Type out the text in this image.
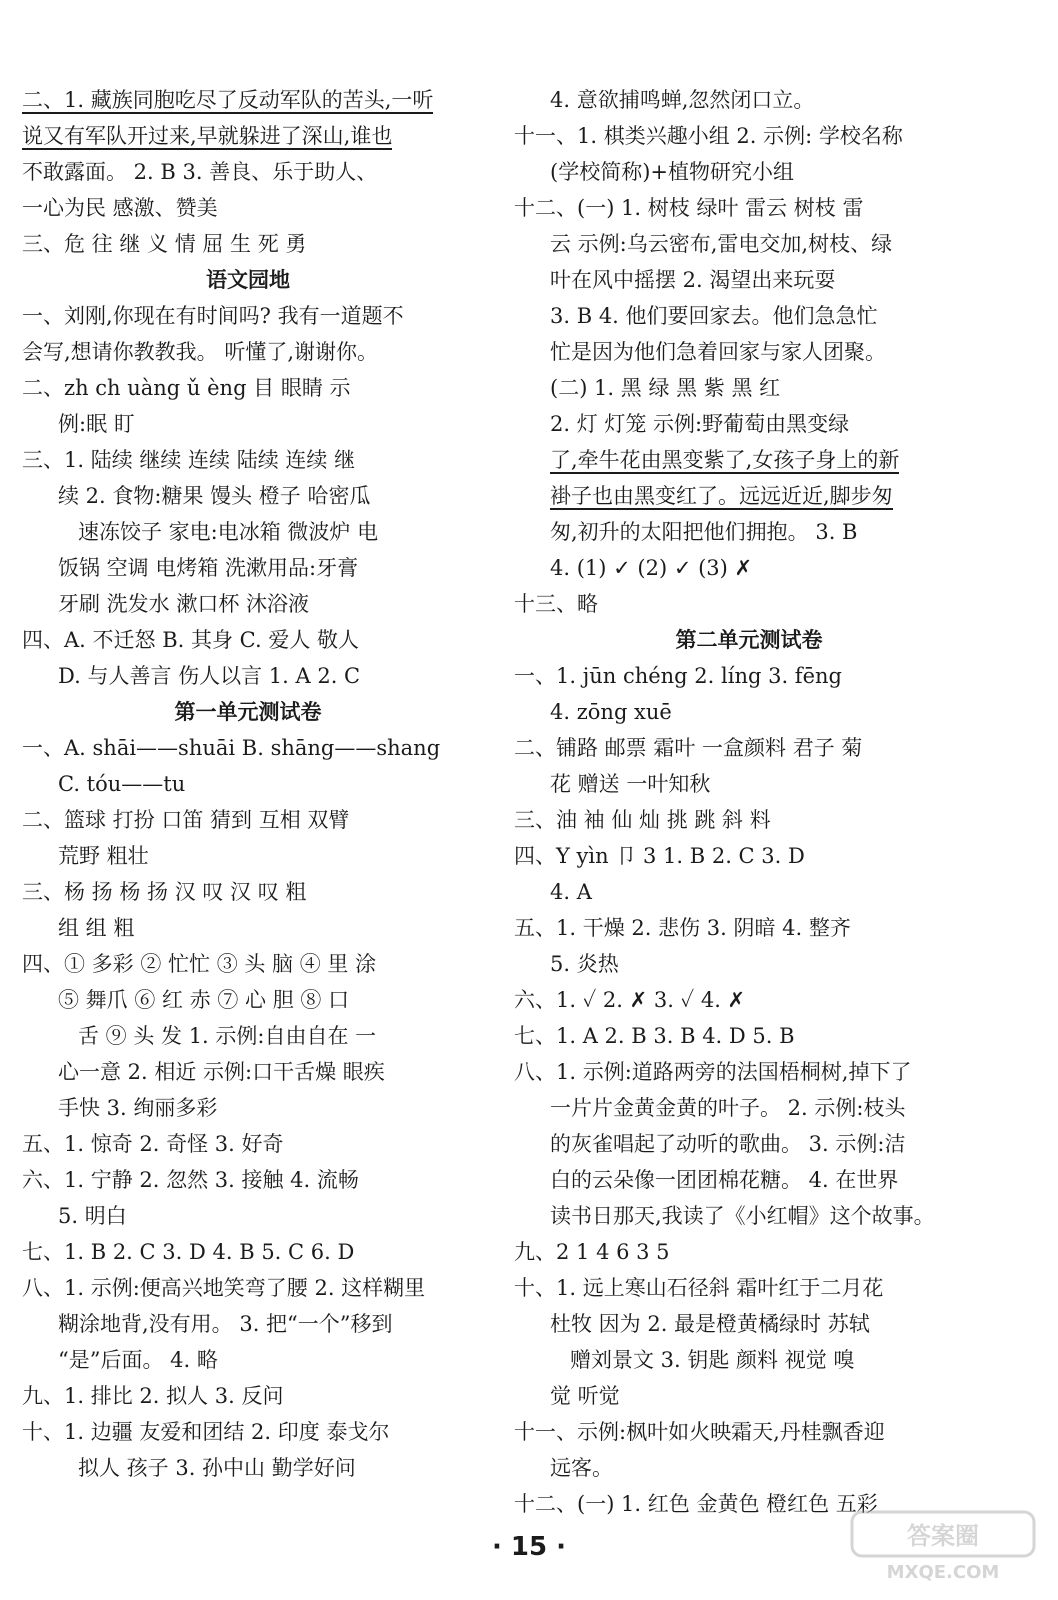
二、1. 藏族同胞吃尽了反动军队的苦头,一听
说又有军队开过来,早就躲进了深山,谁也
不敢露面。 2. B 3. 善良、乐于助人、
一心为民 感激、赞美
三、危 往 继 义 情 屈 生 死 勇
语文园地
一、刘刚,你现在有时间吗? 我有一道题不
会写,想请你教教我。 听懂了,谢谢你。
二、zh ch uàng ǔ èng 目 眼睛 示
例:眠 盯
三、1. 陆续 继续 连续 陆续 连续 继
续 2. 食物:糖果 馒头 橙子 哈密瓜
速冻饺子 家电:电冰箱 微波炉 电
饭锅 空调 电烤箱 洗漱用品:牙膏
牙刷 洗发水 漱口杯 沐浴液
四、A. 不迁怒 B. 其身 C. 爱人 敬人
D. 与人善言 伤人以言 1. A 2. C
第一单元测试卷
一、A. shāi——shuāi B. shāng——shang
C. tóu——tu
二、篮球 打扮 口笛 猜到 互相 双臂
荒野 粗壮
三、杨 扬 杨 扬 汉 叹 汉 叹 粗
组 组 粗
四、① 多彩 ② 忙忙 ③ 头 脑 ④ 里 涂
⑤ 舞爪 ⑥ 红 赤 ⑦ 心 胆 ⑧ 口
舌 ⑨ 头 发 1. 示例:自由自在 一
心一意 2. 相近 示例:口干舌燥 眼疾
手快 3. 绚丽多彩
五、1. 惊奇 2. 奇怪 3. 好奇
六、1. 宁静 2. 忽然 3. 接触 4. 流畅
5. 明白
七、1. B 2. C 3. D 4. B 5. C 6. D
八、1. 示例:便高兴地笑弯了腰 2. 这样糊里
糊涂地背,没有用。 3. 把“一个”移到
“是”后面。 4. 略
九、1. 排比 2. 拟人 3. 反问
十、1. 边疆 友爱和团结 2. 印度 泰戈尔
拟人 孩子 3. 孙中山 勤学好问
4. 意欲捕鸣蝉,忽然闭口立。
十一、1. 棋类兴趣小组 2. 示例: 学校名称
(学校简称)+植物研究小组
十二、(一) 1. 树枝 绿叶 雷云 树枝 雷
云 示例:乌云密布,雷电交加,树枝、绿
叶在风中摇摆 2. 渴望出来玩耍
3. B 4. 他们要回家去。他们急急忙
忙是因为他们急着回家与家人团聚。
(二) 1. 黑 绿 黑 紫 黑 红
2. 灯 灯笼 示例:野葡萄由黑变绿
了,牵牛花由黑变紫了,女孩子身上的新
褂子也由黑变红了。远远近近,脚步匆
匆,初升的太阳把他们拥抱。 3. B
4. (1) ✓ (2) ✓ (3) ✗
十三、略
第二单元测试卷
一、1. jūn chéng 2. líng 3. fēng
4. zōng xuē
二、铺路 邮票 霜叶 一盒颜料 君子 菊
花 赠送 一叶知秋
三、油 袖 仙 灿 挑 跳 斜 料
四、Y yìn 卩 3 1. B 2. C 3. D
4. A
五、1. 干燥 2. 悲伤 3. 阴暗 4. 整齐
5. 炎热
六、1. ✓ 2. ✗ 3. ✓ 4. ✗
七、1. A 2. B 3. B 4. D 5. B
八、1. 示例:道路两旁的法国梧桐树,掉下了
一片片金黄金黄的叶子。 2. 示例:枝头
的灰雀唱起了动听的歌曲。 3. 示例:洁
白的云朵像一团团棉花糖。 4. 在世界
读书日那天,我读了《小红帽》这个故事。
九、2 1 4 6 3 5
十、1. 远上寒山石径斜 霜叶红于二月花
杜牧 因为 2. 最是橙黄橘绿时 苏轼
赠刘景文 3. 钥匙 颜料 视觉 嗅
觉 听觉
十一、示例:枫叶如火映霜天,丹桂飘香迎
远客。
十二、(一) 1. 红色 金黄色 橙红色 五彩
· 15 ·	答案圈
MXQE.COM
